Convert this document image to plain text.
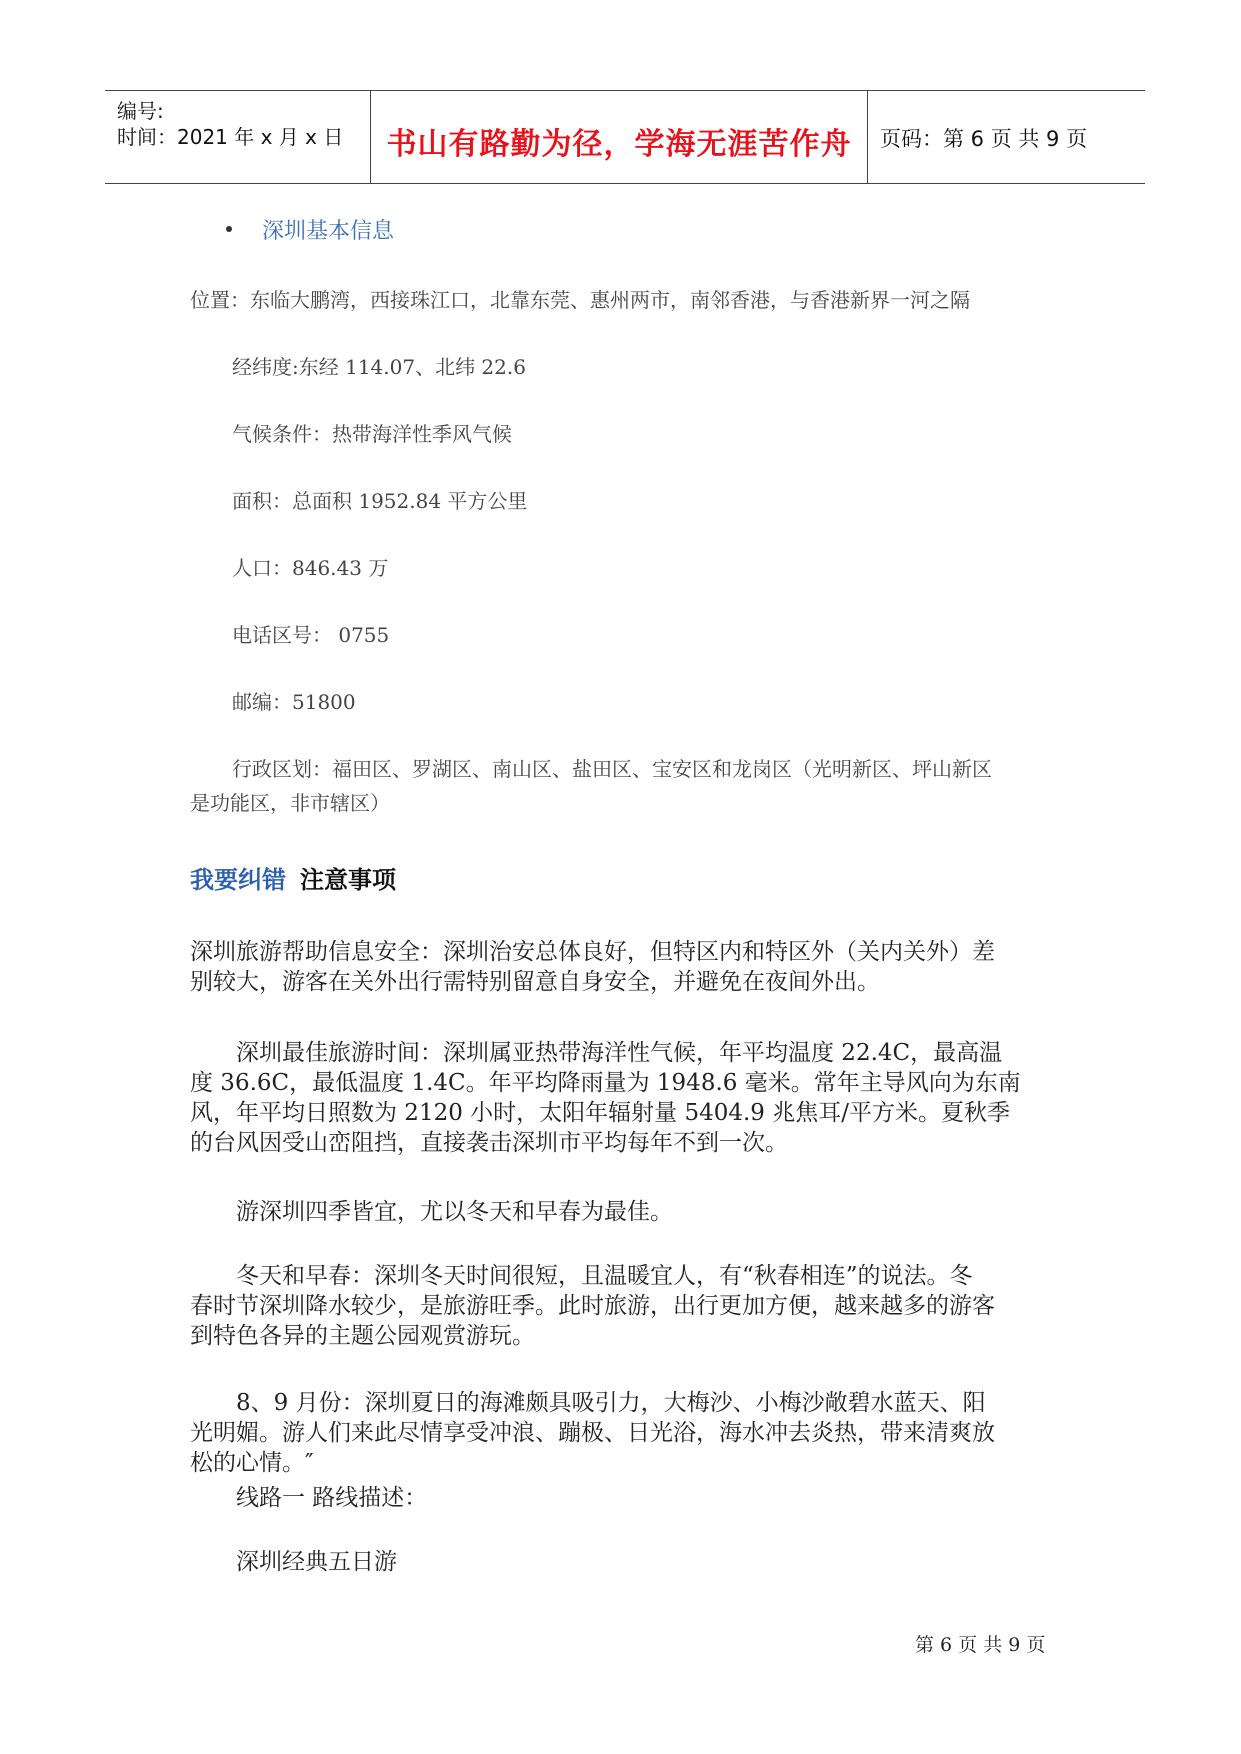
编号:
时间：2021 年 x 月 x 日	书山有路勤为径，学海无涯苦作舟	页码：第 6 页 共 9 页
深圳基本信息
位置：东临大鹏湾，西接珠江口，北靠东莞、惠州两市，南邻香港，与香港新界一河之隔
经纬度:东经 114.07、北纬 22.6
气候条件：热带海洋性季风气候
面积：总面积 1952.84 平方公里
人口：846.43 万
电话区号： 0755
邮编：51800
行政区划：福田区、罗湖区、南山区、盐田区、宝安区和龙岗区（光明新区、坪山新区
是功能区，非市辖区）
我要纠错 注意事项
深圳旅游帮助信息安全：深圳治安总体良好，但特区内和特区外（关内关外）差
别较大，游客在关外出行需特别留意自身安全，并避免在夜间外出。
深圳最佳旅游时间：深圳属亚热带海洋性气候，年平均温度 22.4C，最高温
度 36.6C，最低温度 1.4C。年平均降雨量为 1948.6 毫米。常年主导风向为东南
风，年平均日照数为 2120 小时，太阳年辐射量 5404.9 兆焦耳/平方米。夏秋季
的台风因受山峦阻挡，直接袭击深圳市平均每年不到一次。
游深圳四季皆宜，尤以冬天和早春为最佳。
冬天和早春：深圳冬天时间很短，且温暖宜人，有“秋春相连”的说法。冬
春时节深圳降水较少，是旅游旺季。此时旅游，出行更加方便，越来越多的游客
到特色各异的主题公园观赏游玩。
8、9 月份：深圳夏日的海滩颇具吸引力，大梅沙、小梅沙敞碧水蓝天、阳
光明媚。游人们来此尽情享受冲浪、蹦极、日光浴，海水冲去炎热，带来清爽放
松的心情。″
线路一 路线描述：
深圳经典五日游
第 6 页 共 9 页
